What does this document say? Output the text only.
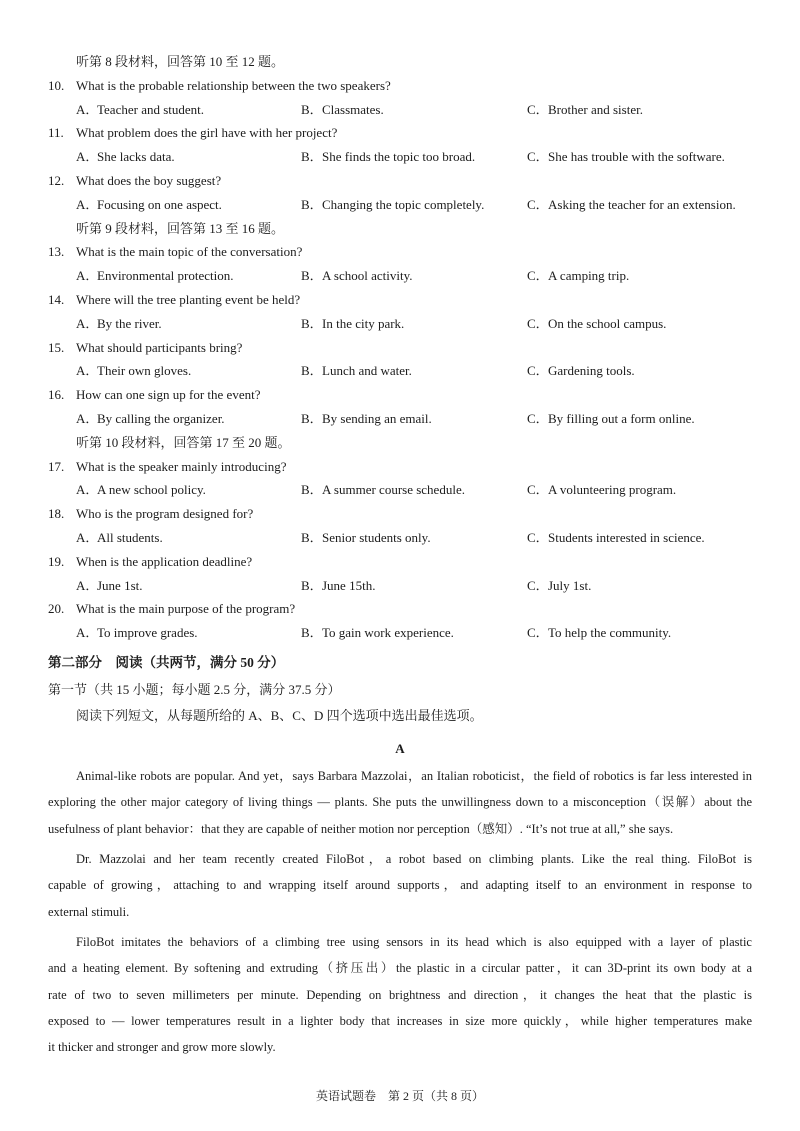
听第 8 段材料，回答第 10 至 12 题。
10. What is the probable relationship between the two speakers?
A．Teacher and student.	B．Classmates.	C．Brother and sister.
11. What problem does the girl have with her project?
A．She lacks data.	B．She finds the topic too broad.	C．She has trouble with the software.
12. What does the boy suggest?
A．Focusing on one aspect.	B．Changing the topic completely.	C．Asking the teacher for an extension.
听第 9 段材料，回答第 13 至 16 题。
13. What is the main topic of the conversation?
A．Environmental protection.	B．A school activity.	C．A camping trip.
14. Where will the tree planting event be held?
A．By the river.	B．In the city park.	C．On the school campus.
15. What should participants bring?
A．Their own gloves.	B．Lunch and water.	C．Gardening tools.
16. How can one sign up for the event?
A．By calling the organizer.	B．By sending an email.	C．By filling out a form online.
听第 10 段材料，回答第 17 至 20 题。
17. What is the speaker mainly introducing?
A．A new school policy.	B．A summer course schedule.	C．A volunteering program.
18. Who is the program designed for?
A．All students.	B．Senior students only.	C．Students interested in science.
19. When is the application deadline?
A．June 1st.	B．June 15th.	C．July 1st.
20. What is the main purpose of the program?
A．To improve grades.	B．To gain work experience.	C．To help the community.
第二部分　阅读（共两节，满分 50 分）
第一节（共 15 小题；每小题 2.5 分，满分 37.5 分）
阅读下列短文，从每题所给的 A、B、C、D 四个选项中选出最佳选项。
A
Animal-like robots are popular. And yet，says Barbara Mazzolai，an Italian roboticist，the field of robotics is far less interested in
exploring the other major category of living things — plants. She puts the unwillingness down to a misconception（误解）about the
usefulness of plant behavior：that they are capable of neither motion nor perception（感知）. “It’s not true at all,” she says.
Dr. Mazzolai and her team recently created FiloBot，a robot based on climbing plants. Like the real thing. FiloBot is
capable of growing，attaching to and wrapping itself around supports，and adapting itself to an environment in response to
external stimuli.
FiloBot imitates the behaviors of a climbing tree using sensors in its head which is also equipped with a layer of plastic
and a heating element. By softening and extruding（挤压出）the plastic in a circular patter，it can 3D-print its own body at a
rate of two to seven millimeters per minute. Depending on brightness and direction，it changes the heat that the plastic is
exposed to — lower temperatures result in a lighter body that increases in size more quickly，while higher temperatures make
it thicker and stronger and grow more slowly.
英语试题卷　第 2 页（共 8 页）
